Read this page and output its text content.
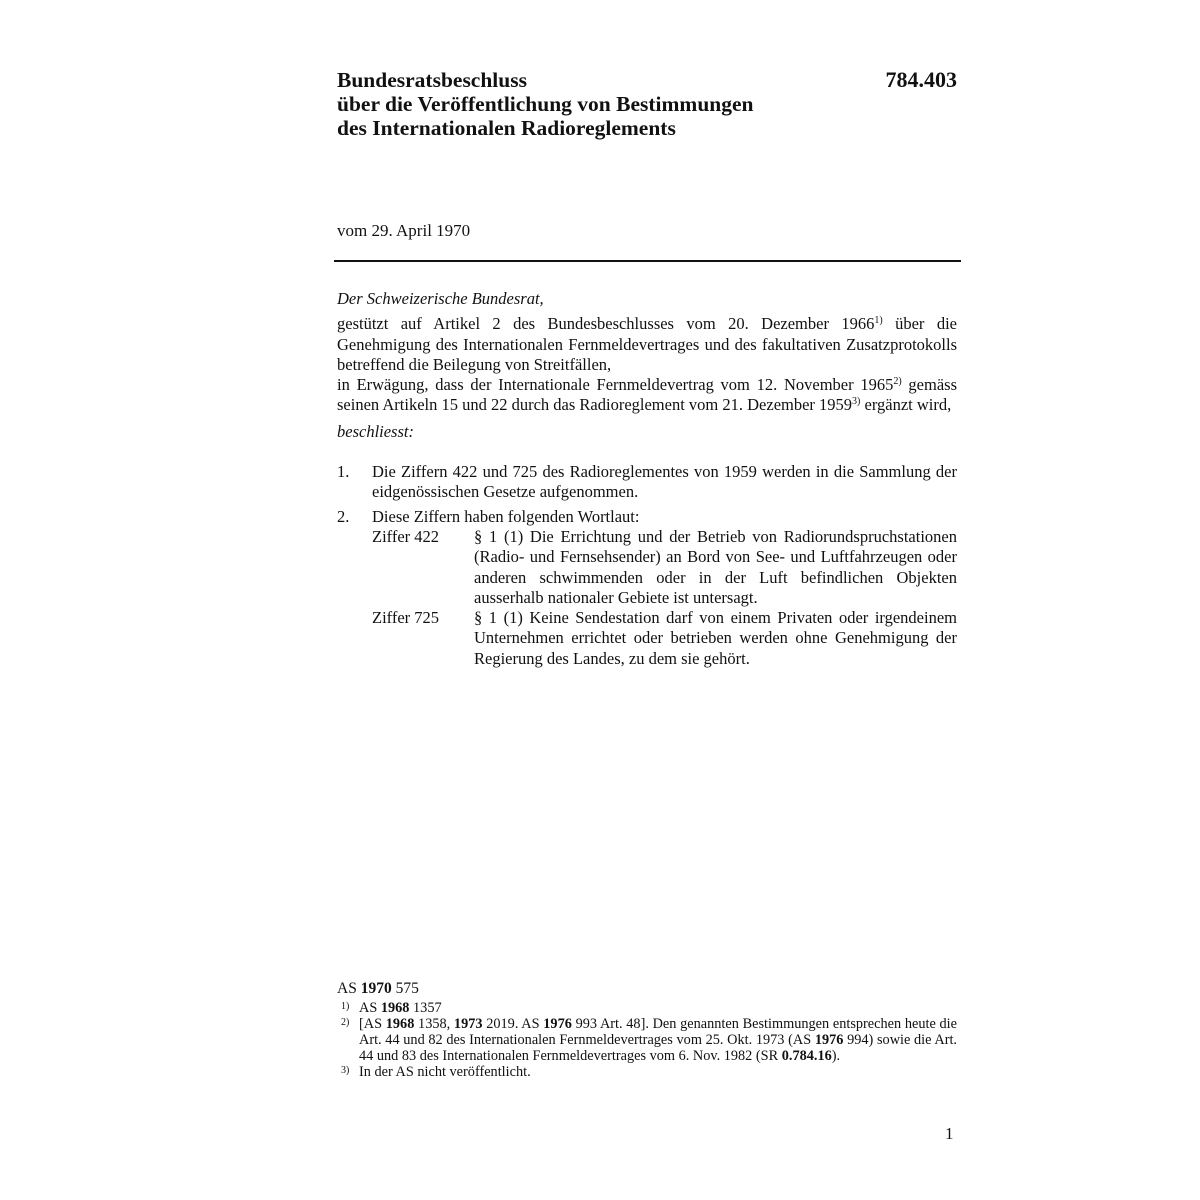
Bundesratsbeschluss
über die Veröffentlichung von Bestimmungen
des Internationalen Radioreglements
784.403
vom 29. April 1970

Der Schweizerische Bundesrat,

gestützt auf Artikel 2 des Bundesbeschlusses vom 20. Dezember 1966$^{1)}$ über die Genehmigung des Internationalen Fernmeldevertrages und des fakultativen Zusatzprotokolls betreffend die Beilegung von Streitfällen,

in Erwägung, dass der Internationale Fernmeldevertrag vom 12. November 1965$^{2)}$ gemäss seinen Artikeln 15 und 22 durch das Radioreglement vom 21. Dezember 1959$^{3)}$ ergänzt wird,

beschliesst:

1.	Die Ziffern 422 und 725 des Radioreglementes von 1959 werden in die Sammlung der eidgenössischen Gesetze aufgenommen.
2.	Diese Ziffern haben folgenden Wortlaut:
Ziffer 422	§ 1 (1) Die Errichtung und der Betrieb von Radiorundspruchstationen (Radio- und Fernsehsender) an Bord von See- und Luftfahrzeugen oder anderen schwimmenden oder in der Luft befindlichen Objekten ausserhalb nationaler Gebiete ist untersagt.
Ziffer 725	§ 1 (1) Keine Sendestation darf von einem Privaten oder irgendeinem Unternehmen errichtet oder betrieben werden ohne Genehmigung der Regierung des Landes, zu dem sie gehört.
AS 1970 575
$^{1)}$ AS 1968 1357
$^{2)}$ [AS 1968 1358, 1973 2019. AS 1976 993 Art. 48]. Den genannten Bestimmungen entsprechen heute die Art. 44 und 82 des Internationalen Fernmeldevertrages vom 25. Okt. 1973 (AS 1976 994) sowie die Art. 44 und 83 des Internationalen Fernmeldevertrages vom 6. Nov. 1982 (SR 0.784.16).
$^{3)}$ In der AS nicht veröffentlicht.
1
